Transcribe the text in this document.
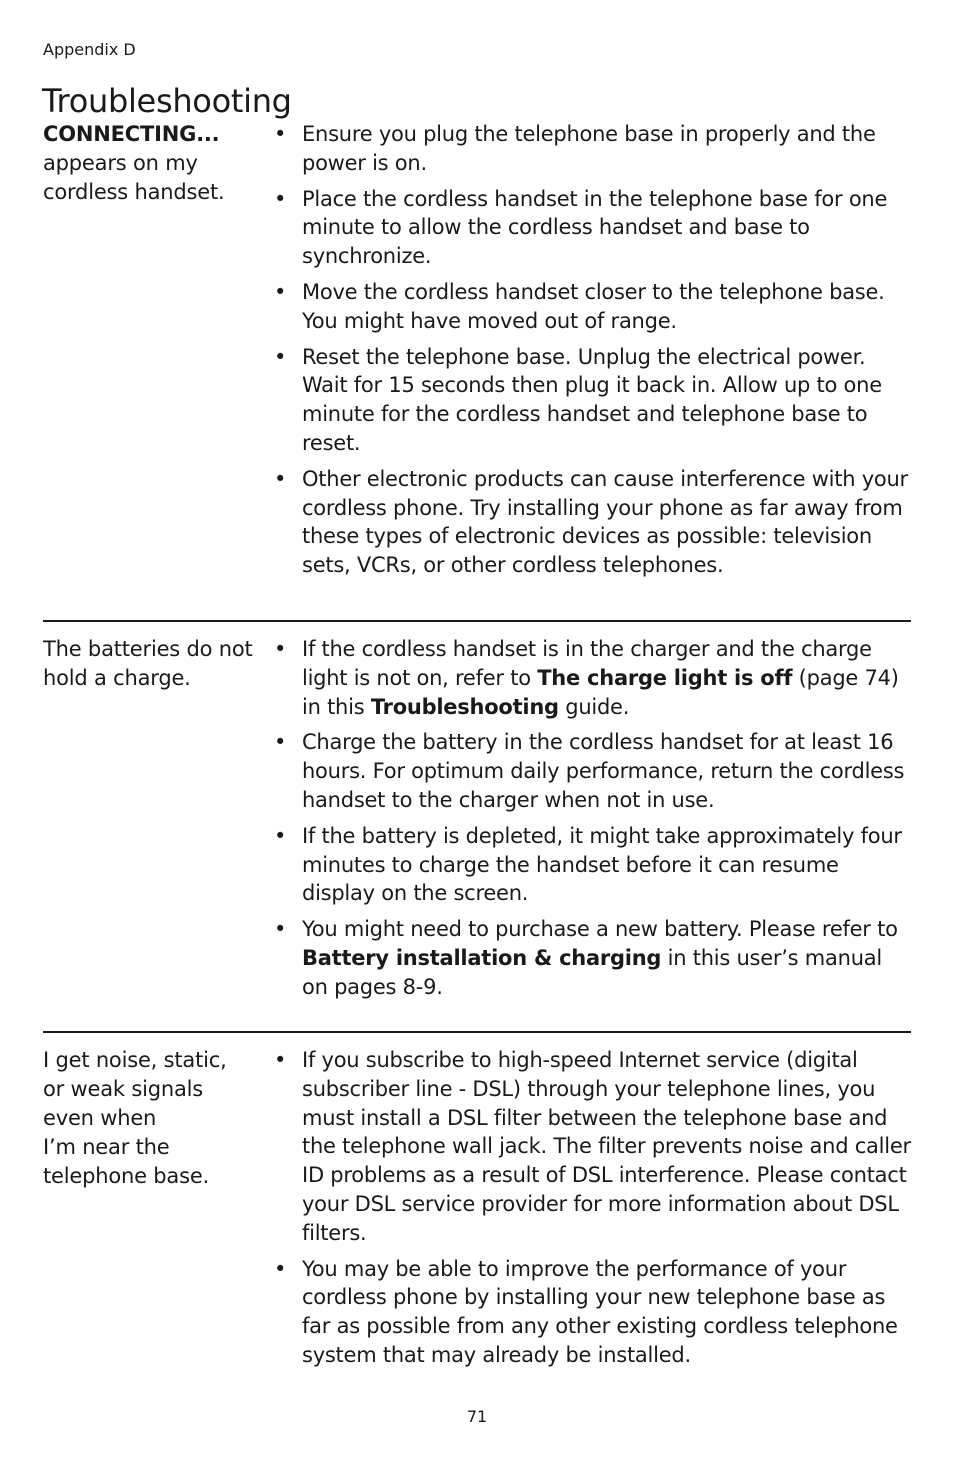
Appendix D
Troubleshooting
CONNECTING...
appears on my cordless handset.
• Ensure you plug the telephone base in properly and the power is on.
• Place the cordless handset in the telephone base for one minute to allow the cordless handset and base to synchronize.
• Move the cordless handset closer to the telephone base. You might have moved out of range.
• Reset the telephone base. Unplug the electrical power. Wait for 15 seconds then plug it back in. Allow up to one minute for the cordless handset and telephone base to reset.
• Other electronic products can cause interference with your cordless phone. Try installing your phone as far away from these types of electronic devices as possible: television sets, VCRs, or other cordless telephones.
The batteries do not hold a charge.
• If the cordless handset is in the charger and the charge light is not on, refer to The charge light is off (page 74) in this Troubleshooting guide.
• Charge the battery in the cordless handset for at least 16 hours. For optimum daily performance, return the cordless handset to the charger when not in use.
• If the battery is depleted, it might take approximately four minutes to charge the handset before it can resume display on the screen.
• You might need to purchase a new battery. Please refer to Battery installation & charging in this user’s manual on pages 8-9.
I get noise, static,
or weak signals
even when
I’m near the
telephone base.
• If you subscribe to high-speed Internet service (digital subscriber line - DSL) through your telephone lines, you must install a DSL filter between the telephone base and the telephone wall jack. The filter prevents noise and caller ID problems as a result of DSL interference. Please contact your DSL service provider for more information about DSL filters.
• You may be able to improve the performance of your cordless phone by installing your new telephone base as far as possible from any other existing cordless telephone system that may already be installed.
71
